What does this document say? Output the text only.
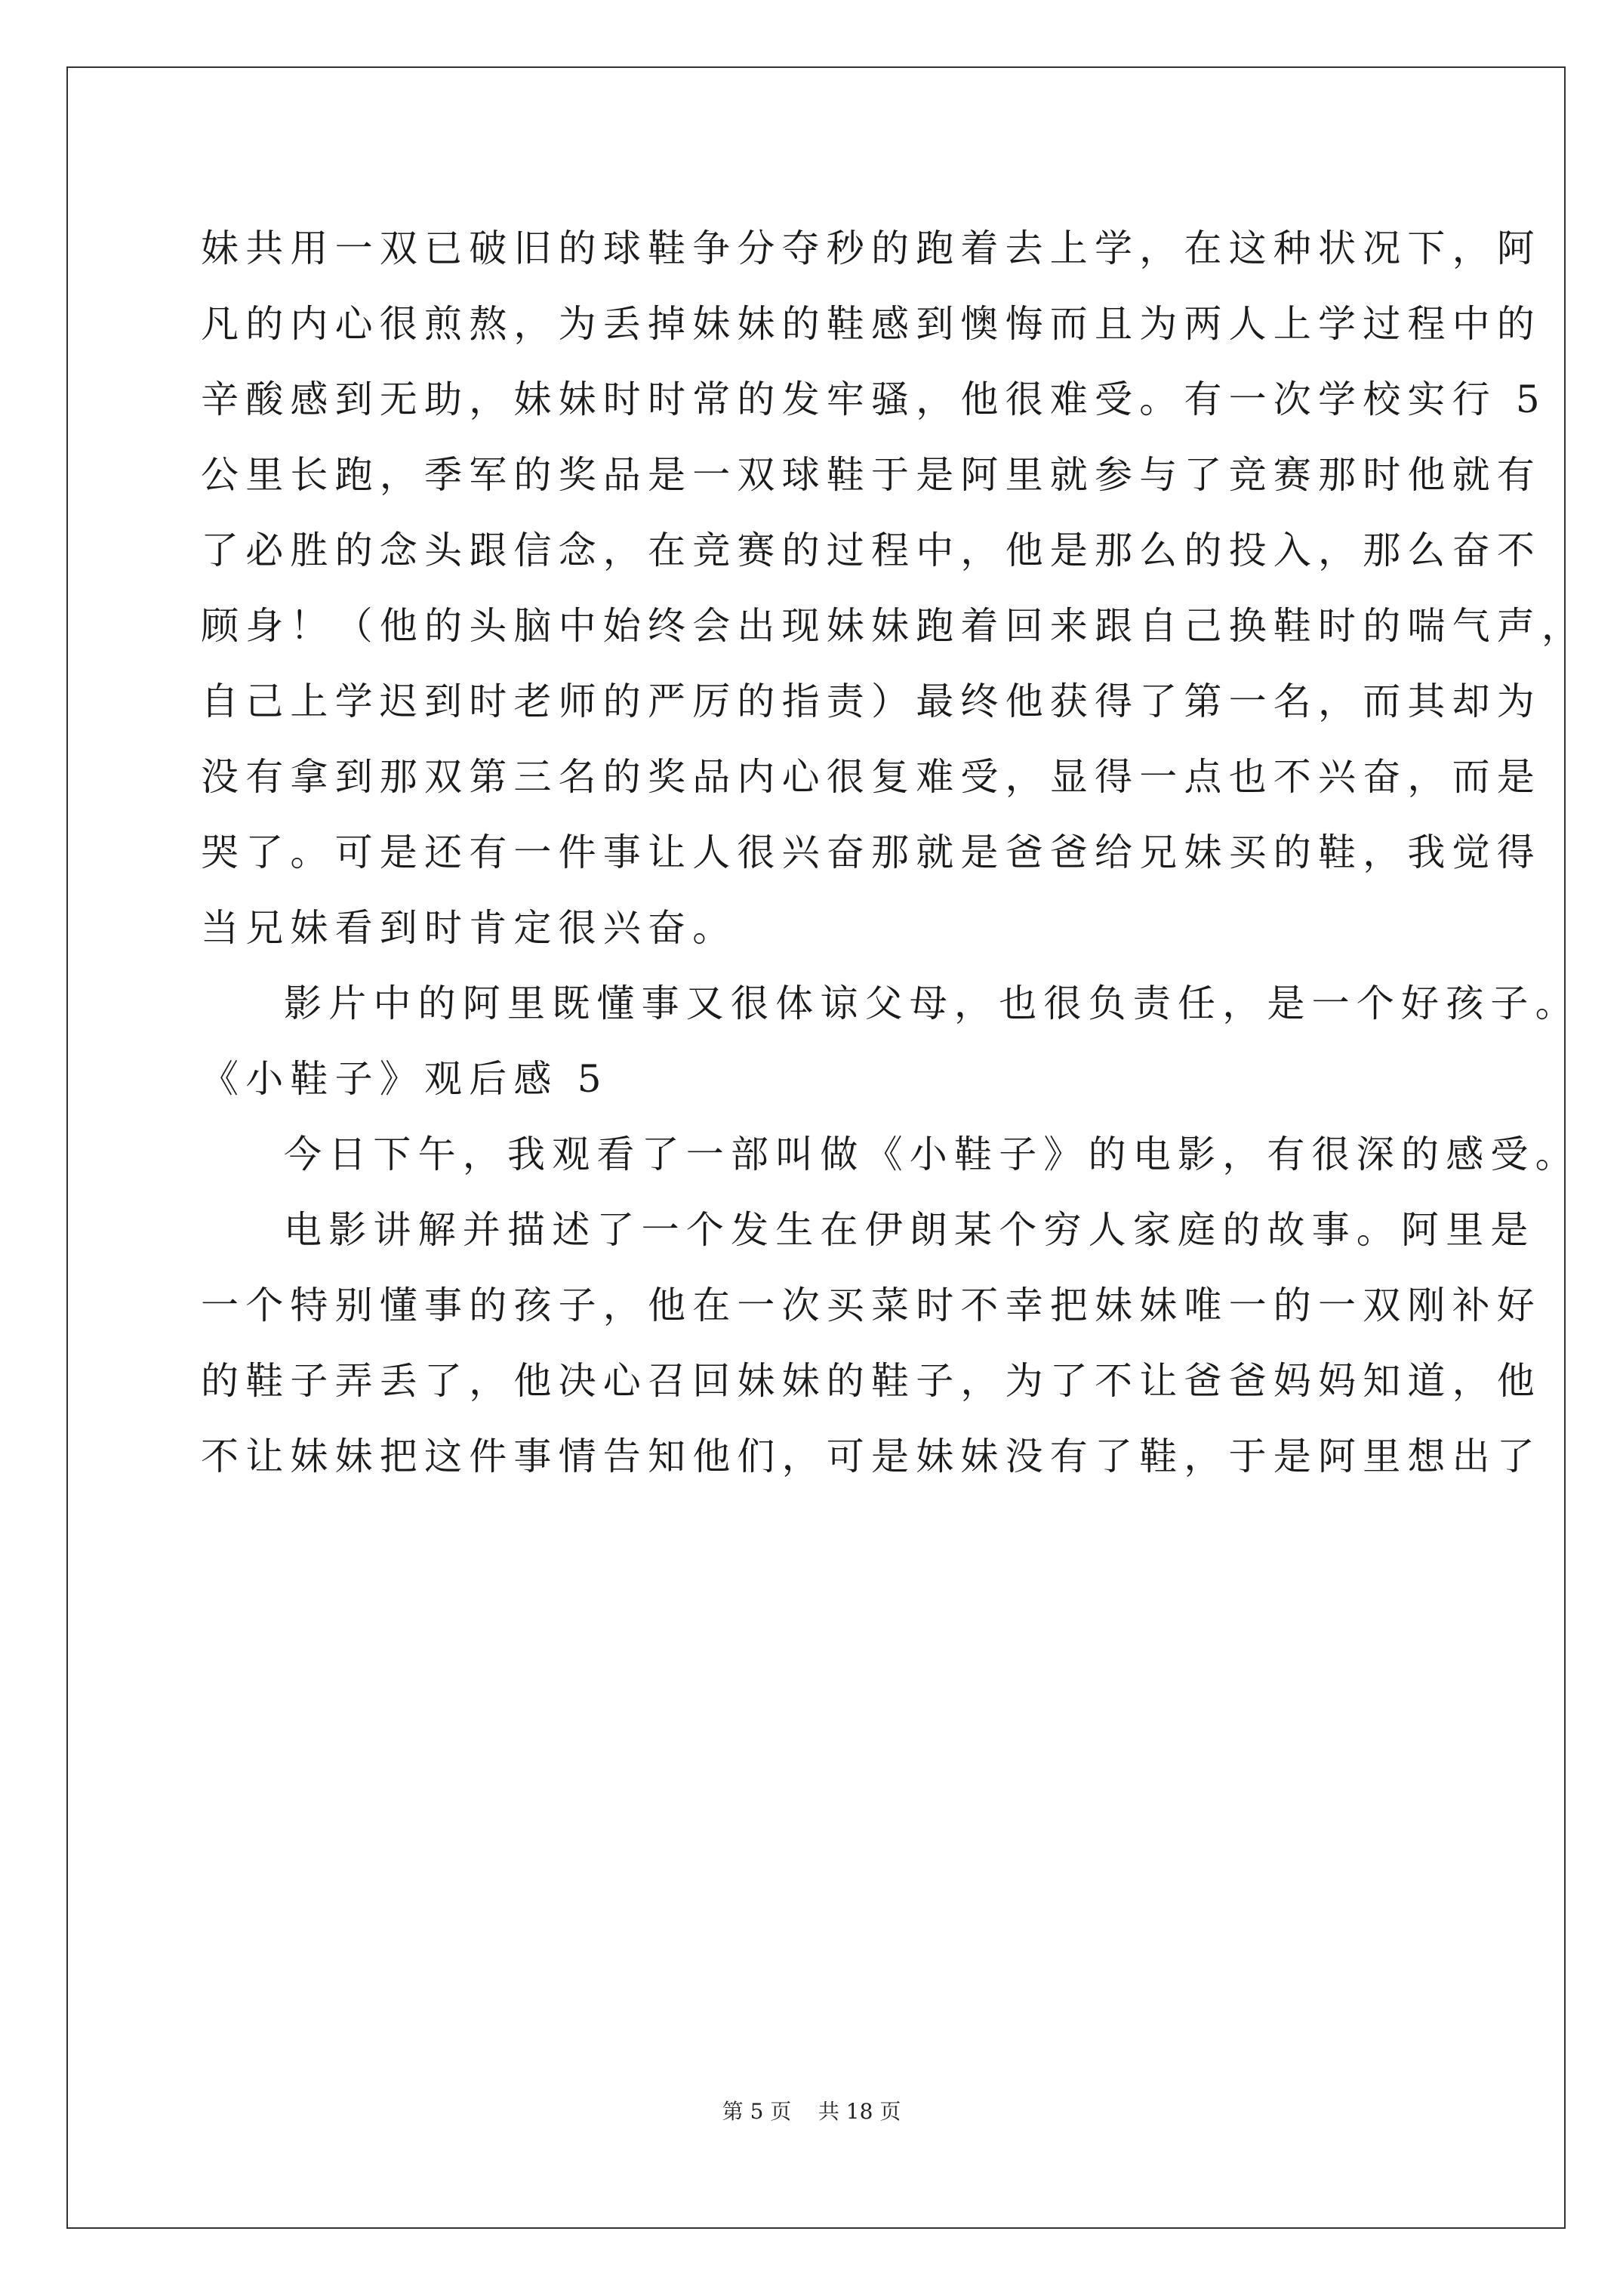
妹共用一双已破旧的球鞋争分夺秒的跑着去上学，在这种状况下，阿
凡的内心很煎熬，为丢掉妹妹的鞋感到懊悔而且为两人上学过程中的
辛酸感到无助，妹妹时时常的发牢骚，他很难受。有一次学校实行 5
公里长跑，季军的奖品是一双球鞋于是阿里就参与了竞赛那时他就有
了必胜的念头跟信念，在竞赛的过程中，他是那么的投入，那么奋不
顾身！（他的头脑中始终会出现妹妹跑着回来跟自己换鞋时的喘气声，
自己上学迟到时老师的严厉的指责）最终他获得了第一名，而其却为
没有拿到那双第三名的奖品内心很复难受，显得一点也不兴奋，而是
哭了。可是还有一件事让人很兴奋那就是爸爸给兄妹买的鞋，我觉得
当兄妹看到时肯定很兴奋。
影片中的阿里既懂事又很体谅父母，也很负责任，是一个好孩子。
《小鞋子》观后感 5
今日下午，我观看了一部叫做《小鞋子》的电影，有很深的感受。
电影讲解并描述了一个发生在伊朗某个穷人家庭的故事。阿里是
一个特别懂事的孩子，他在一次买菜时不幸把妹妹唯一的一双刚补好
的鞋子弄丢了，他决心召回妹妹的鞋子，为了不让爸爸妈妈知道，他
不让妹妹把这件事情告知他们，可是妹妹没有了鞋，于是阿里想出了
第 5 页    共 18 页
